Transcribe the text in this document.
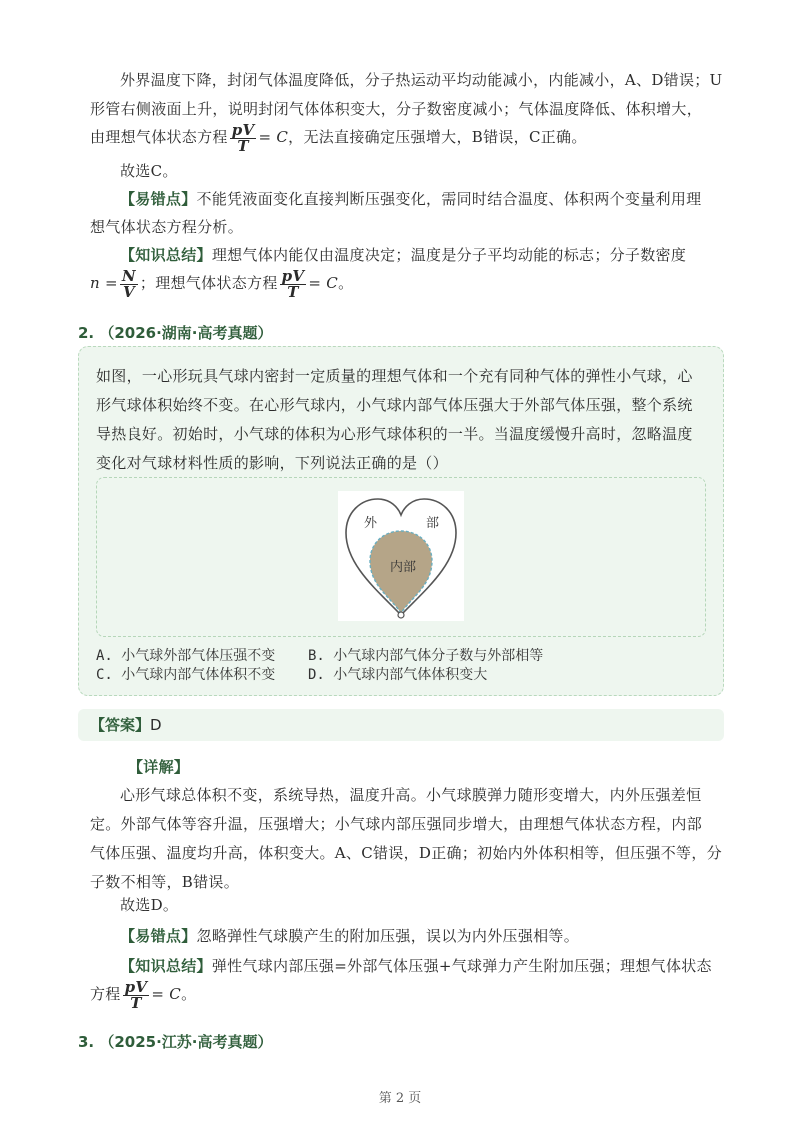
外界温度下降，封闭气体温度降低，分子热运动平均动能减小，内能减小，A、D错误；U
形管右侧液面上升，说明封闭气体体积变大，分子数密度减小；气体温度降低、体积增大，
由理想气体状态方程 $\frac{pV}{T} = C$，无法直接确定压强增大，B错误，C正确。
故选C。
【易错点】不能凭液面变化直接判断压强变化，需同时结合温度、体积两个变量利用理
想气体状态方程分析。
【知识总结】理想气体内能仅由温度决定；温度是分子平均动能的标志；分子数密度
$n = \frac{N}{V}$ ；理想气体状态方程 $\frac{pV}{T} = C$。
2. （2026·湖南·高考真题）
如图，一心形玩具气球内密封一定质量的理想气体和一个充有同种气体的弹性小气球，心
形气球体积始终不变。在心形气球内，小气球内部气体压强大于外部气体压强，整个系统
导热良好。初始时，小气球的体积为心形气球体积的一半。当温度缓慢升高时，忽略温度
变化对气球材料性质的影响，下列说法正确的是（）
外	部
内部
A. 小气球外部气体压强不变 B. 小气球内部气体分子数与外部相等
C. 小气球内部气体体积不变 D. 小气球内部气体体积变大
【答案】D
【详解】
心形气球总体积不变，系统导热，温度升高。小气球膜弹力随形变增大，内外压强差恒
定。外部气体等容升温，压强增大；小气球内部压强同步增大，由理想气体状态方程，内部
气体压强、温度均升高，体积变大。A、C错误，D正确；初始内外体积相等，但压强不等，分
子数不相等，B错误。
故选D。
【易错点】忽略弹性气球膜产生的附加压强，误以为内外压强相等。
【知识总结】弹性气球内部压强=外部气体压强+气球弹力产生附加压强；理想气体状态
方程 $\frac{pV}{T} = C$。
3. （2025·江苏·高考真题）
第 2 页
